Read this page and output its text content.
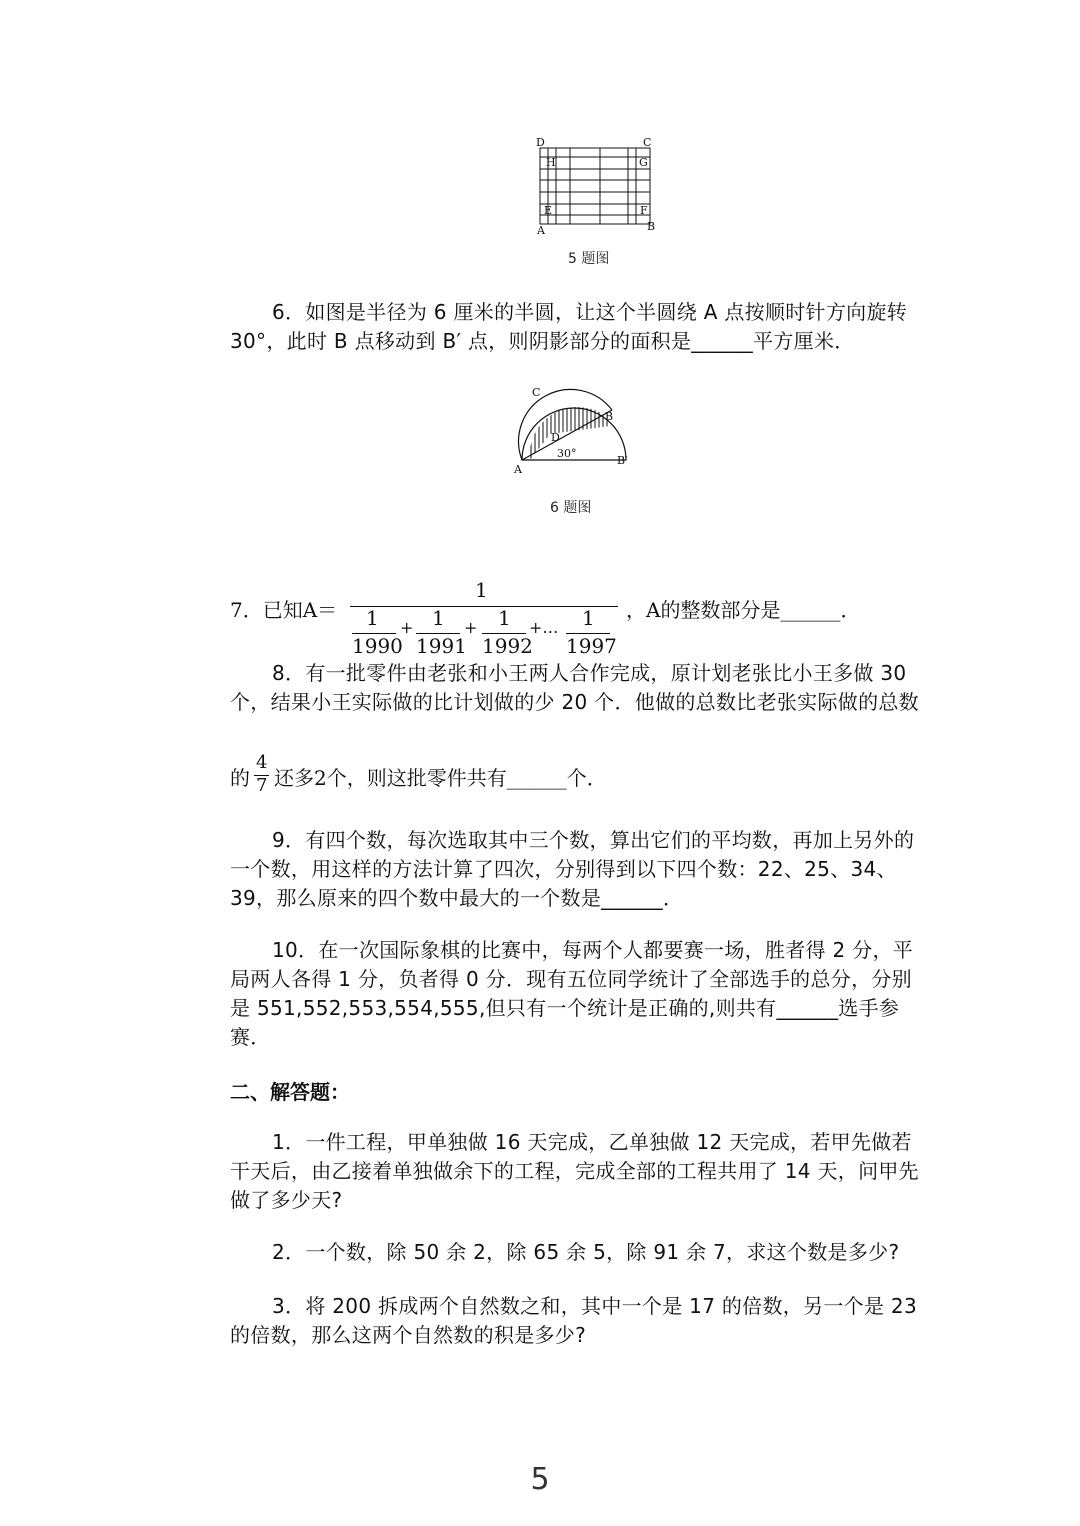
D	C
H	G
E	F
A	B
5 题图
6．如图是半径为 6 厘米的半圆，让这个半圆绕 A 点按顺时针方向旋转 30°，此时 B 点移动到 B′ 点，则阴影部分的面积是______平方厘米．
C
B
D
30°
A
B′
6 题图
7．已知A＝
1
1
1990
+ 1
1991
+ 1
1992
+… 1
1997
，A的整数部分是______．
8．有一批零件由老张和小王两人合作完成，原计划老张比小王多做 30 个，结果小王实际做的比计划做的少 20 个．他做的总数比老张实际做的总数
的
4
7 还多2个，则这批零件共有______个．
9．有四个数，每次选取其中三个数，算出它们的平均数，再加上另外的一个数，用这样的方法计算了四次，分别得到以下四个数：22、25、34、39，那么原来的四个数中最大的一个数是______．
10．在一次国际象棋的比赛中，每两个人都要赛一场，胜者得 2 分，平局两人各得 1 分，负者得 0 分．现有五位同学统计了全部选手的总分，分别是 551,552,553,554,555,但只有一个统计是正确的,则共有______选手参赛．
二、解答题：
1．一件工程，甲单独做 16 天完成，乙单独做 12 天完成，若甲先做若干天后，由乙接着单独做余下的工程，完成全部的工程共用了 14 天，问甲先做了多少天?
2．一个数，除 50 余 2，除 65 余 5，除 91 余 7，求这个数是多少?
3．将 200 拆成两个自然数之和，其中一个是 17 的倍数，另一个是 23 的倍数，那么这两个自然数的积是多少?
5
